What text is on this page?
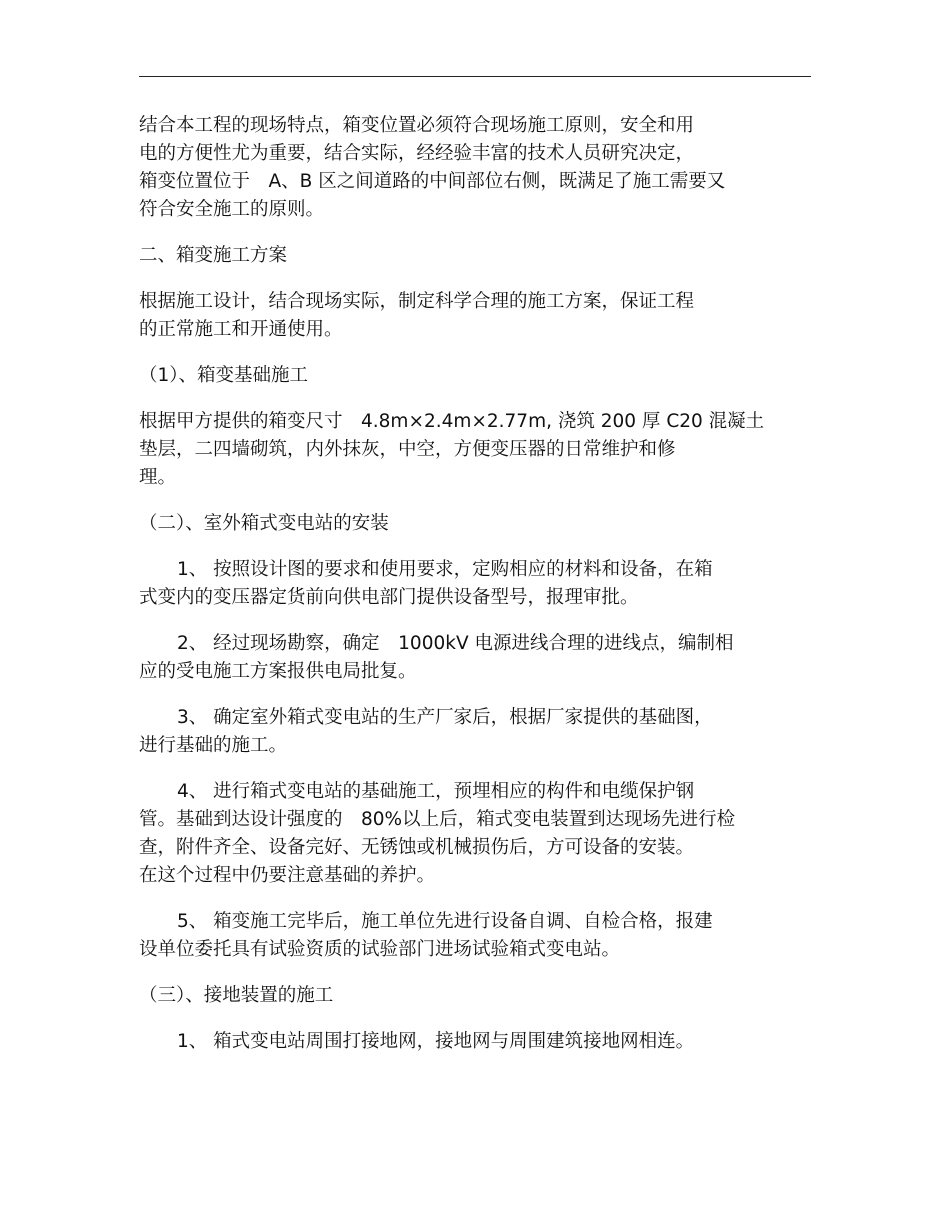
结合本工程的现场特点，箱变位置必须符合现场施工原则，安全和用
电的方便性尤为重要，结合实际，经经验丰富的技术人员研究决定，
箱变位置位于　A、B 区之间道路的中间部位右侧，既满足了施工需要又
符合安全施工的原则。

二、箱变施工方案

根据施工设计，结合现场实际，制定科学合理的施工方案，保证工程
的正常施工和开通使用。

（1）、箱变基础施工

根据甲方提供的箱变尺寸　4.8m×2.4m×2.77m, 浇筑 200 厚 C20 混凝土
垫层，二四墙砌筑，内外抹灰，中空，方便变压器的日常维护和修
理。

（二）、室外箱式变电站的安装

1、 按照设计图的要求和使用要求，定购相应的材料和设备，在箱
式变内的变压器定货前向供电部门提供设备型号，报理审批。

2、 经过现场勘察，确定　1000kV 电源进线合理的进线点，编制相
应的受电施工方案报供电局批复。

3、 确定室外箱式变电站的生产厂家后，根据厂家提供的基础图，
进行基础的施工。

4、 进行箱式变电站的基础施工，预埋相应的构件和电缆保护钢
管。基础到达设计强度的　80%以上后，箱式变电装置到达现场先进行检
查，附件齐全、设备完好、无锈蚀或机械损伤后，方可设备的安装。
在这个过程中仍要注意基础的养护。

5、 箱变施工完毕后，施工单位先进行设备自调、自检合格，报建
设单位委托具有试验资质的试验部门进场试验箱式变电站。

（三）、接地装置的施工

1、 箱式变电站周围打接地网，接地网与周围建筑接地网相连。
